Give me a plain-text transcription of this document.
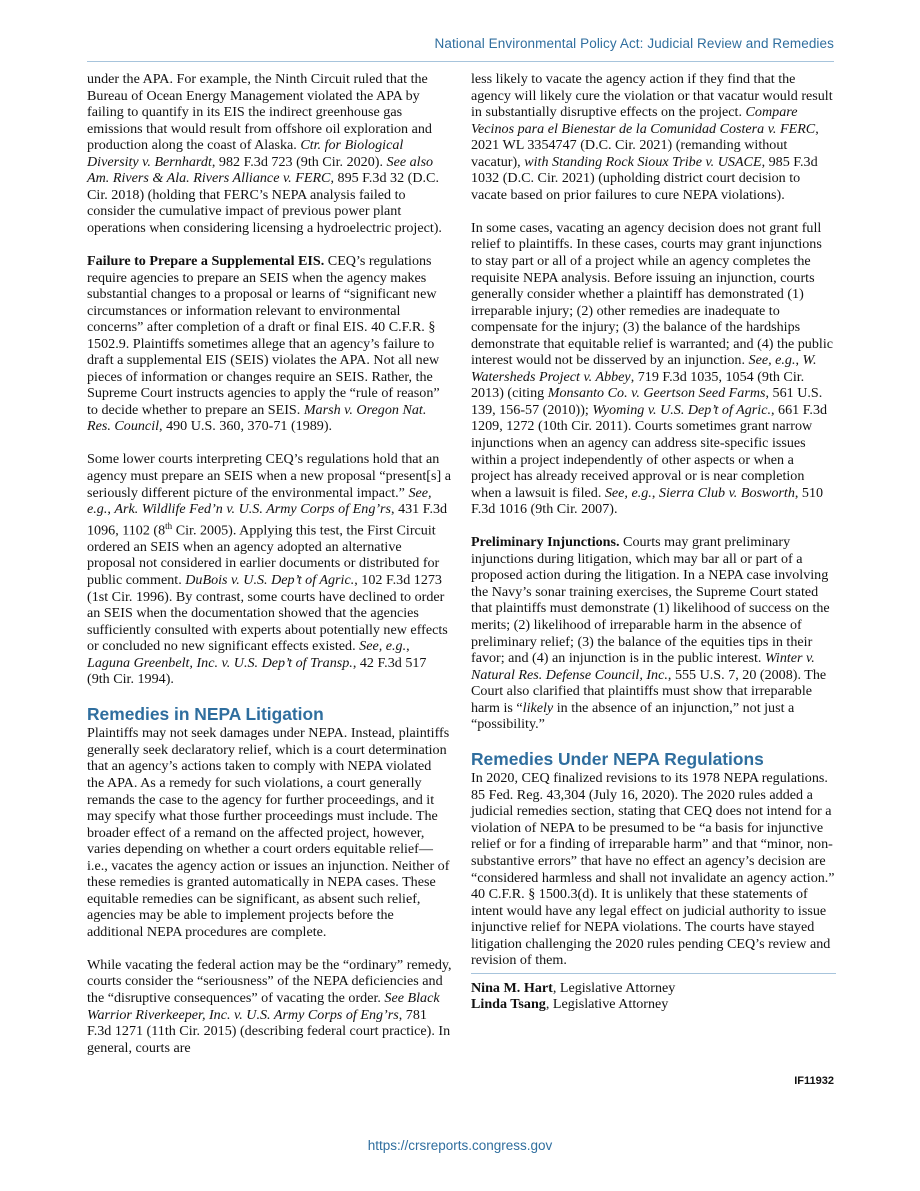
National Environmental Policy Act: Judicial Review and Remedies

under the APA. For example, the Ninth Circuit ruled that the Bureau of Ocean Energy Management violated the APA by failing to quantify in its EIS the indirect greenhouse gas emissions that would result from offshore oil exploration and production along the coast of Alaska. Ctr. for Biological Diversity v. Bernhardt, 982 F.3d 723 (9th Cir. 2020). See also Am. Rivers & Ala. Rivers Alliance v. FERC, 895 F.3d 32 (D.C. Cir. 2018) (holding that FERC’s NEPA analysis failed to consider the cumulative impact of previous power plant operations when considering licensing a hydroelectric project).

Failure to Prepare a Supplemental EIS. CEQ’s regulations require agencies to prepare an SEIS when the agency makes substantial changes to a proposal or learns of “significant new circumstances or information relevant to environmental concerns” after completion of a draft or final EIS. 40 C.F.R. § 1502.9. Plaintiffs sometimes allege that an agency’s failure to draft a supplemental EIS (SEIS) violates the APA. Not all new pieces of information or changes require an SEIS. Rather, the Supreme Court instructs agencies to apply the “rule of reason” to decide whether to prepare an SEIS. Marsh v. Oregon Nat. Res. Council, 490 U.S. 360, 370-71 (1989).

Some lower courts interpreting CEQ’s regulations hold that an agency must prepare an SEIS when a new proposal “present[s] a seriously different picture of the environmental impact.” See, e.g., Ark. Wildlife Fed’n v. U.S. Army Corps of Eng’rs, 431 F.3d 1096, 1102 (8th Cir. 2005). Applying this test, the First Circuit ordered an SEIS when an agency adopted an alternative proposal not considered in earlier documents or distributed for public comment. DuBois v. U.S. Dep’t of Agric., 102 F.3d 1273 (1st Cir. 1996). By contrast, some courts have declined to order an SEIS when the documentation showed that the agencies sufficiently consulted with experts about potentially new effects or concluded no new significant effects existed. See, e.g., Laguna Greenbelt, Inc. v. U.S. Dep’t of Transp., 42 F.3d 517 (9th Cir. 1994).

Remedies in NEPA Litigation

Plaintiffs may not seek damages under NEPA. Instead, plaintiffs generally seek declaratory relief, which is a court determination that an agency’s actions taken to comply with NEPA violated the APA. As a remedy for such violations, a court generally remands the case to the agency for further proceedings, and it may specify what those further proceedings must include. The broader effect of a remand on the affected project, however, varies depending on whether a court orders equitable relief—i.e., vacates the agency action or issues an injunction. Neither of these remedies is granted automatically in NEPA cases. These equitable remedies can be significant, as absent such relief, agencies may be able to implement projects before the additional NEPA procedures are complete.

While vacating the federal action may be the “ordinary” remedy, courts consider the “seriousness” of the NEPA deficiencies and the “disruptive consequences” of vacating the order. See Black Warrior Riverkeeper, Inc. v. U.S. Army Corps of Eng’rs, 781 F.3d 1271 (11th Cir. 2015) (describing federal court practice). In general, courts are

less likely to vacate the agency action if they find that the agency will likely cure the violation or that vacatur would result in substantially disruptive effects on the project. Compare Vecinos para el Bienestar de la Comunidad Costera v. FERC, 2021 WL 3354747 (D.C. Cir. 2021) (remanding without vacatur), with Standing Rock Sioux Tribe v. USACE, 985 F.3d 1032 (D.C. Cir. 2021) (upholding district court decision to vacate based on prior failures to cure NEPA violations).

In some cases, vacating an agency decision does not grant full relief to plaintiffs. In these cases, courts may grant injunctions to stay part or all of a project while an agency completes the requisite NEPA analysis. Before issuing an injunction, courts generally consider whether a plaintiff has demonstrated (1) irreparable injury; (2) other remedies are inadequate to compensate for the injury; (3) the balance of the hardships demonstrate that equitable relief is warranted; and (4) the public interest would not be disserved by an injunction. See, e.g., W. Watersheds Project v. Abbey, 719 F.3d 1035, 1054 (9th Cir. 2013) (citing Monsanto Co. v. Geertson Seed Farms, 561 U.S. 139, 156-57 (2010)); Wyoming v. U.S. Dep’t of Agric., 661 F.3d 1209, 1272 (10th Cir. 2011). Courts sometimes grant narrow injunctions when an agency can address site-specific issues within a project independently of other aspects or when a project has already received approval or is near completion when a lawsuit is filed. See, e.g., Sierra Club v. Bosworth, 510 F.3d 1016 (9th Cir. 2007).

Preliminary Injunctions. Courts may grant preliminary injunctions during litigation, which may bar all or part of a proposed action during the litigation. In a NEPA case involving the Navy’s sonar training exercises, the Supreme Court stated that plaintiffs must demonstrate (1) likelihood of success on the merits; (2) likelihood of irreparable harm in the absence of preliminary relief; (3) the balance of the equities tips in their favor; and (4) an injunction is in the public interest. Winter v. Natural Res. Defense Council, Inc., 555 U.S. 7, 20 (2008). The Court also clarified that plaintiffs must show that irreparable harm is “likely in the absence of an injunction,” not just a “possibility.”

Remedies Under NEPA Regulations

In 2020, CEQ finalized revisions to its 1978 NEPA regulations. 85 Fed. Reg. 43,304 (July 16, 2020). The 2020 rules added a judicial remedies section, stating that CEQ does not intend for a violation of NEPA to be presumed to be “a basis for injunctive relief or for a finding of irreparable harm” and that “minor, non-substantive errors” that have no effect an agency’s decision are “considered harmless and shall not invalidate an agency action.” 40 C.F.R. § 1500.3(d). It is unlikely that these statements of intent would have any legal effect on judicial authority to issue injunctive relief for NEPA violations. The courts have stayed litigation challenging the 2020 rules pending CEQ’s review and revision of them.

Nina M. Hart, Legislative Attorney

Linda Tsang, Legislative Attorney

IF11932
https://crsreports.congress.gov
